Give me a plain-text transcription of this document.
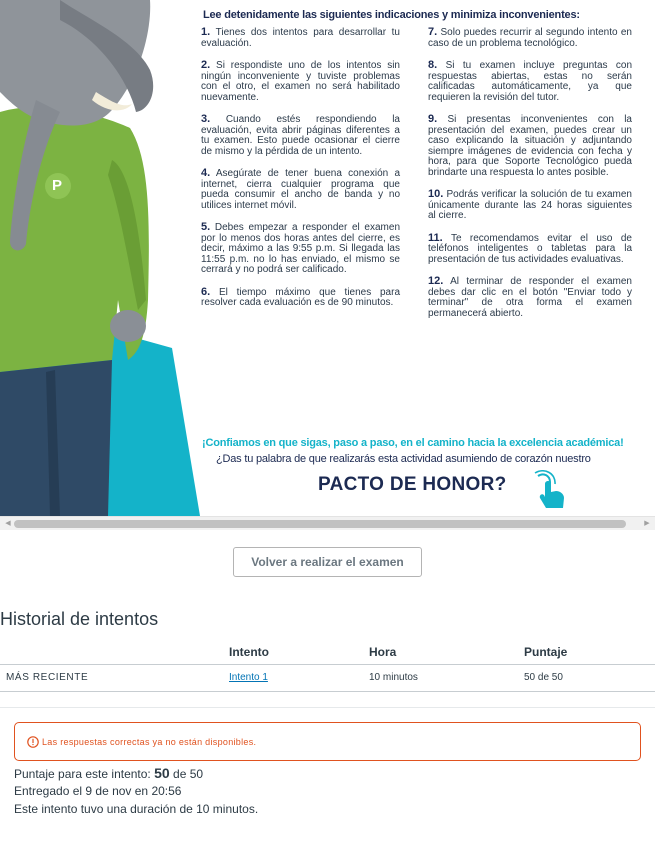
P
Lee detenidamente las siguientes indicaciones y minimiza inconvenientes:

1. Tienes dos intentos para desarrollar tu evaluación.

2. Si respondiste uno de los intentos sin ningún inconveniente y tuviste problemas con el otro, el examen no será habilitado nuevamente.

3. Cuando estés respondiendo la evaluación, evita abrir páginas diferentes a tu examen. Esto puede ocasionar el cierre de mismo y la pérdida de un intento.

4. Asegúrate de tener buena conexión a internet, cierra cualquier programa que pueda consumir el ancho de banda y no utilices internet móvil.

5. Debes empezar a responder el examen por lo menos dos horas antes del cierre, es decir, máximo a las 9:55 p.m. Si llegada las 11:55 p.m. no lo has enviado, el mismo se cerrará y no podrá ser calificado.

6. El tiempo máximo que tienes para resolver cada evaluación es de 90 minutos.

7. Solo puedes recurrir al segundo intento en caso de un problema tecnológico.

8. Si tu examen incluye preguntas con respuestas abiertas, estas no serán calificadas automáticamente, ya que requieren la revisión del tutor.

9. Si presentas inconvenientes con la presentación del examen, puedes crear un caso explicando la situación y adjuntando siempre imágenes de evidencia con fecha y hora, para que Soporte Tecnológico pueda brindarte una respuesta lo antes posible.

10. Podrás verificar la solución de tu examen únicamente durante las 24 horas siguientes al cierre.

11. Te recomendamos evitar el uso de teléfonos inteligentes o tabletas para la presentación de tus actividades evaluativas.

12. Al terminar de responder el examen debes dar clic en el botón "Enviar todo y terminar" de otra forma el examen permanecerá abierto.

¡Confiamos en que sigas, paso a paso, en el camino hacia la excelencia académica!
¿Das tu palabra de que realizarás esta actividad asumiendo de corazón nuestro
PACTO DE HONOR?
◀	▶
Volver a realizar el examen
Historial de intentos
	Intento	Hora	Puntaje
MÁS RECIENTE	Intento 1	10 minutos	50 de 50
Las respuestas correctas ya no están disponibles.
Puntaje para este intento: 50 de 50
Entregado el 9 de nov en 20:56
Este intento tuvo una duración de 10 minutos.
